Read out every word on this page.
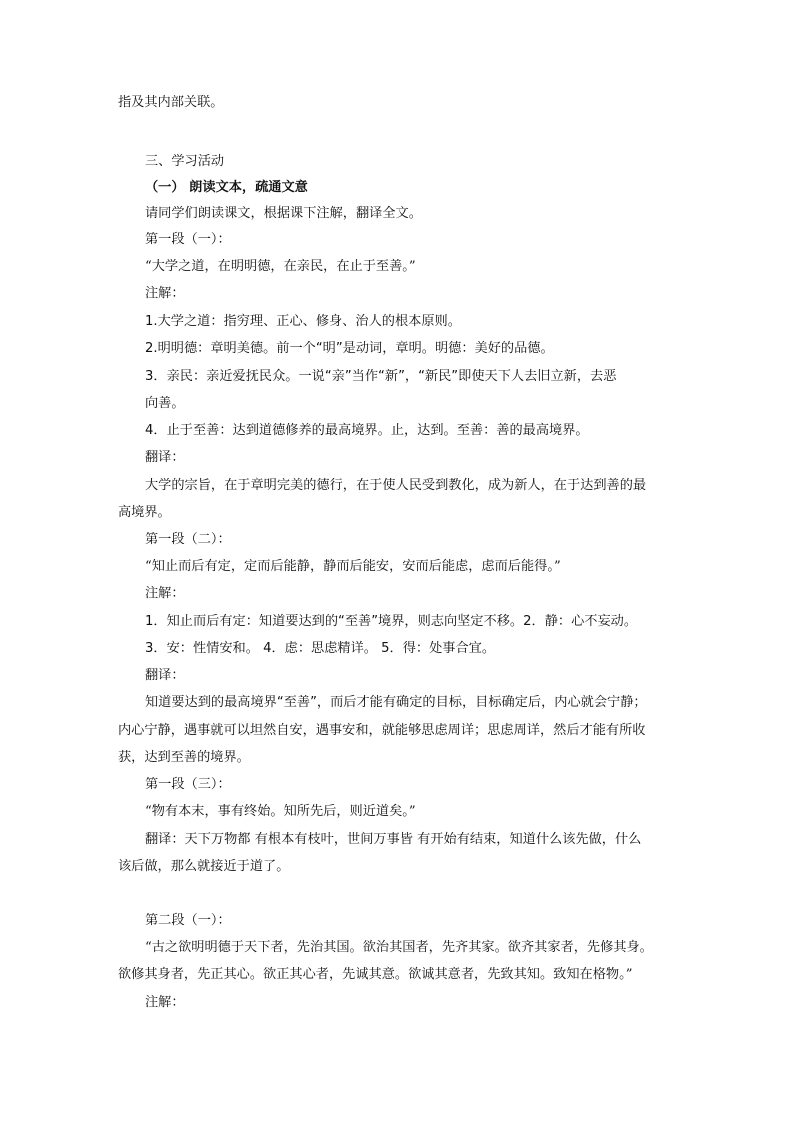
指及其内部关联。
三、学习活动
（一） 朗读文本，疏通文意
请同学们朗读课文，根据课下注解，翻译全文。
第一段（一）：
“大学之道，在明明德，在亲民，在止于至善。”
注解：
1.大学之道：指穷理、正心、修身、治人的根本原则。
2.明明德：章明美德。前一个“明”是动词，章明。明德：美好的品德。
3．亲民：亲近爱抚民众。一说“亲”当作“新”，“新民”即使天下人去旧立新，去恶
向善。
4．止于至善：达到道德修养的最高境界。止，达到。至善：善的最高境界。
翻译：
大学的宗旨，在于章明完美的德行，在于使人民受到教化，成为新人，在于达到善的最
高境界。
第一段（二）：
“知止而后有定，定而后能静，静而后能安，安而后能虑，虑而后能得。”
注解：
1．知止而后有定：知道要达到的“至善”境界，则志向坚定不移。2．静：心不妄动。
3．安：性情安和。 4．虑：思虑精详。 5．得：处事合宜。
翻译：
知道要达到的最高境界“至善”，而后才能有确定的目标，目标确定后，内心就会宁静；
内心宁静，遇事就可以坦然自安，遇事安和，就能够思虑周详；思虑周详，然后才能有所收
获，达到至善的境界。
第一段（三）：
“物有本末，事有终始。知所先后，则近道矣。”
翻译：天下万物都 有根本有枝叶，世间万事皆 有开始有结束，知道什么该先做，什么
该后做，那么就接近于道了。
第二段（一）：
“古之欲明明德于天下者，先治其国。欲治其国者，先齐其家。欲齐其家者，先修其身。
欲修其身者，先正其心。欲正其心者，先诚其意。欲诚其意者，先致其知。致知在格物。”
注解：
